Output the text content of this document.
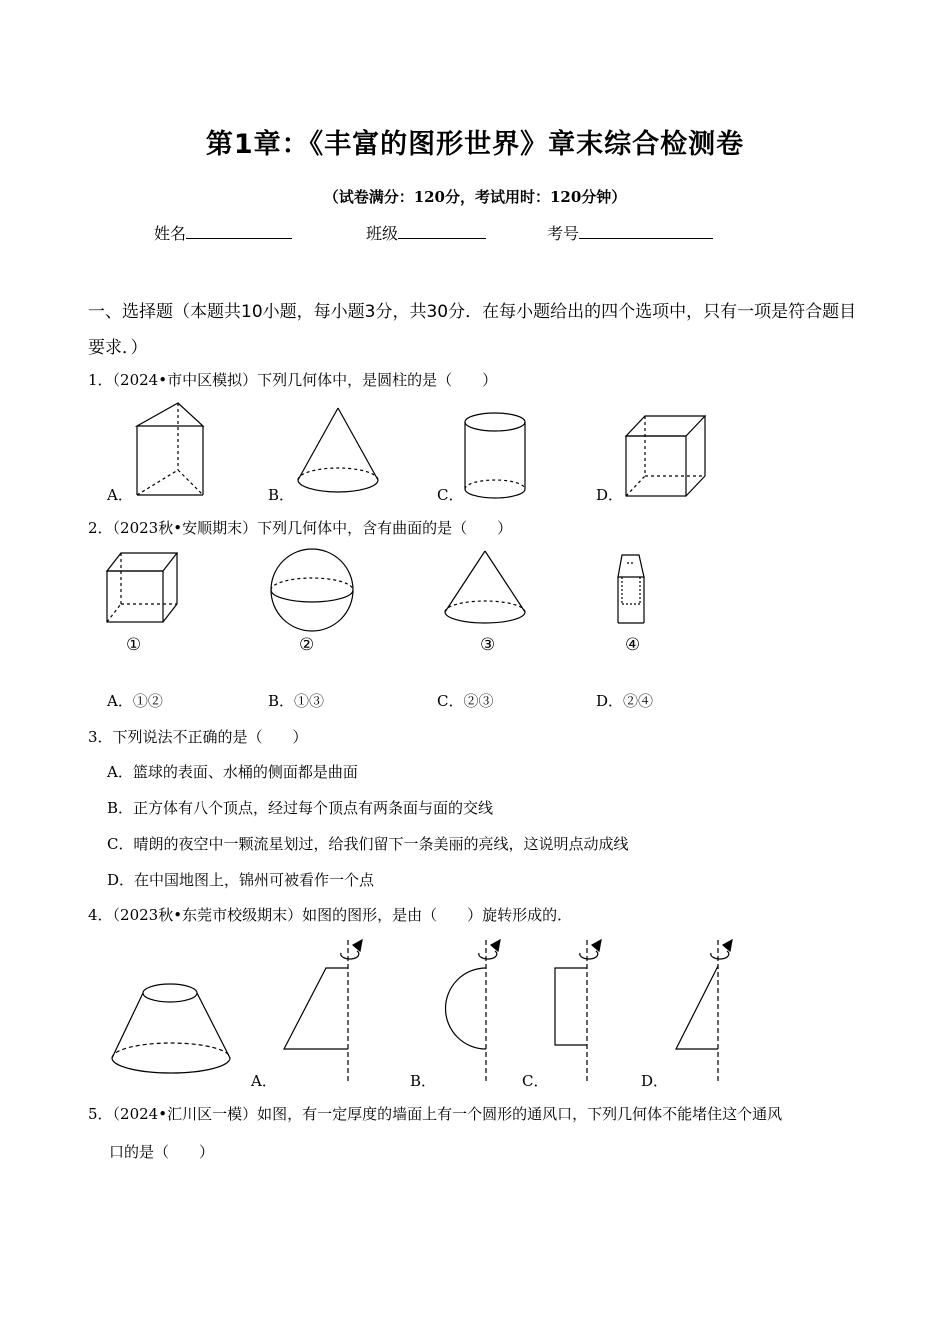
第1章：《丰富的图形世界》章末综合检测卷
（试卷满分：120分，考试用时：120分钟）
姓名	班级	考号
一、选择题（本题共10小题，每小题3分，共30分．在每小题给出的四个选项中，只有一项是符合题目要求．）
1．（2024•市中区模拟）下列几何体中，是圆柱的是（　　）
A．	B．	C．	D．
2．（2023秋•安顺期末）下列几何体中，含有曲面的是（　　）
①	②	③	④
A．①②	B．①③	C．②③	D．②④
3．下列说法不正确的是（　　）
A．篮球的表面、水桶的侧面都是曲面
B．正方体有八个顶点，经过每个顶点有两条面与面的交线
C．晴朗的夜空中一颗流星划过，给我们留下一条美丽的亮线，这说明点动成线
D．在中国地图上，锦州可被看作一个点
4．（2023秋•东莞市校级期末）如图的图形，是由（　　）旋转形成的．
A．	B．	C．	D．
5．（2024•汇川区一模）如图，有一定厚度的墙面上有一个圆形的通风口，下列几何体不能堵住这个通风
口的是（　　）
